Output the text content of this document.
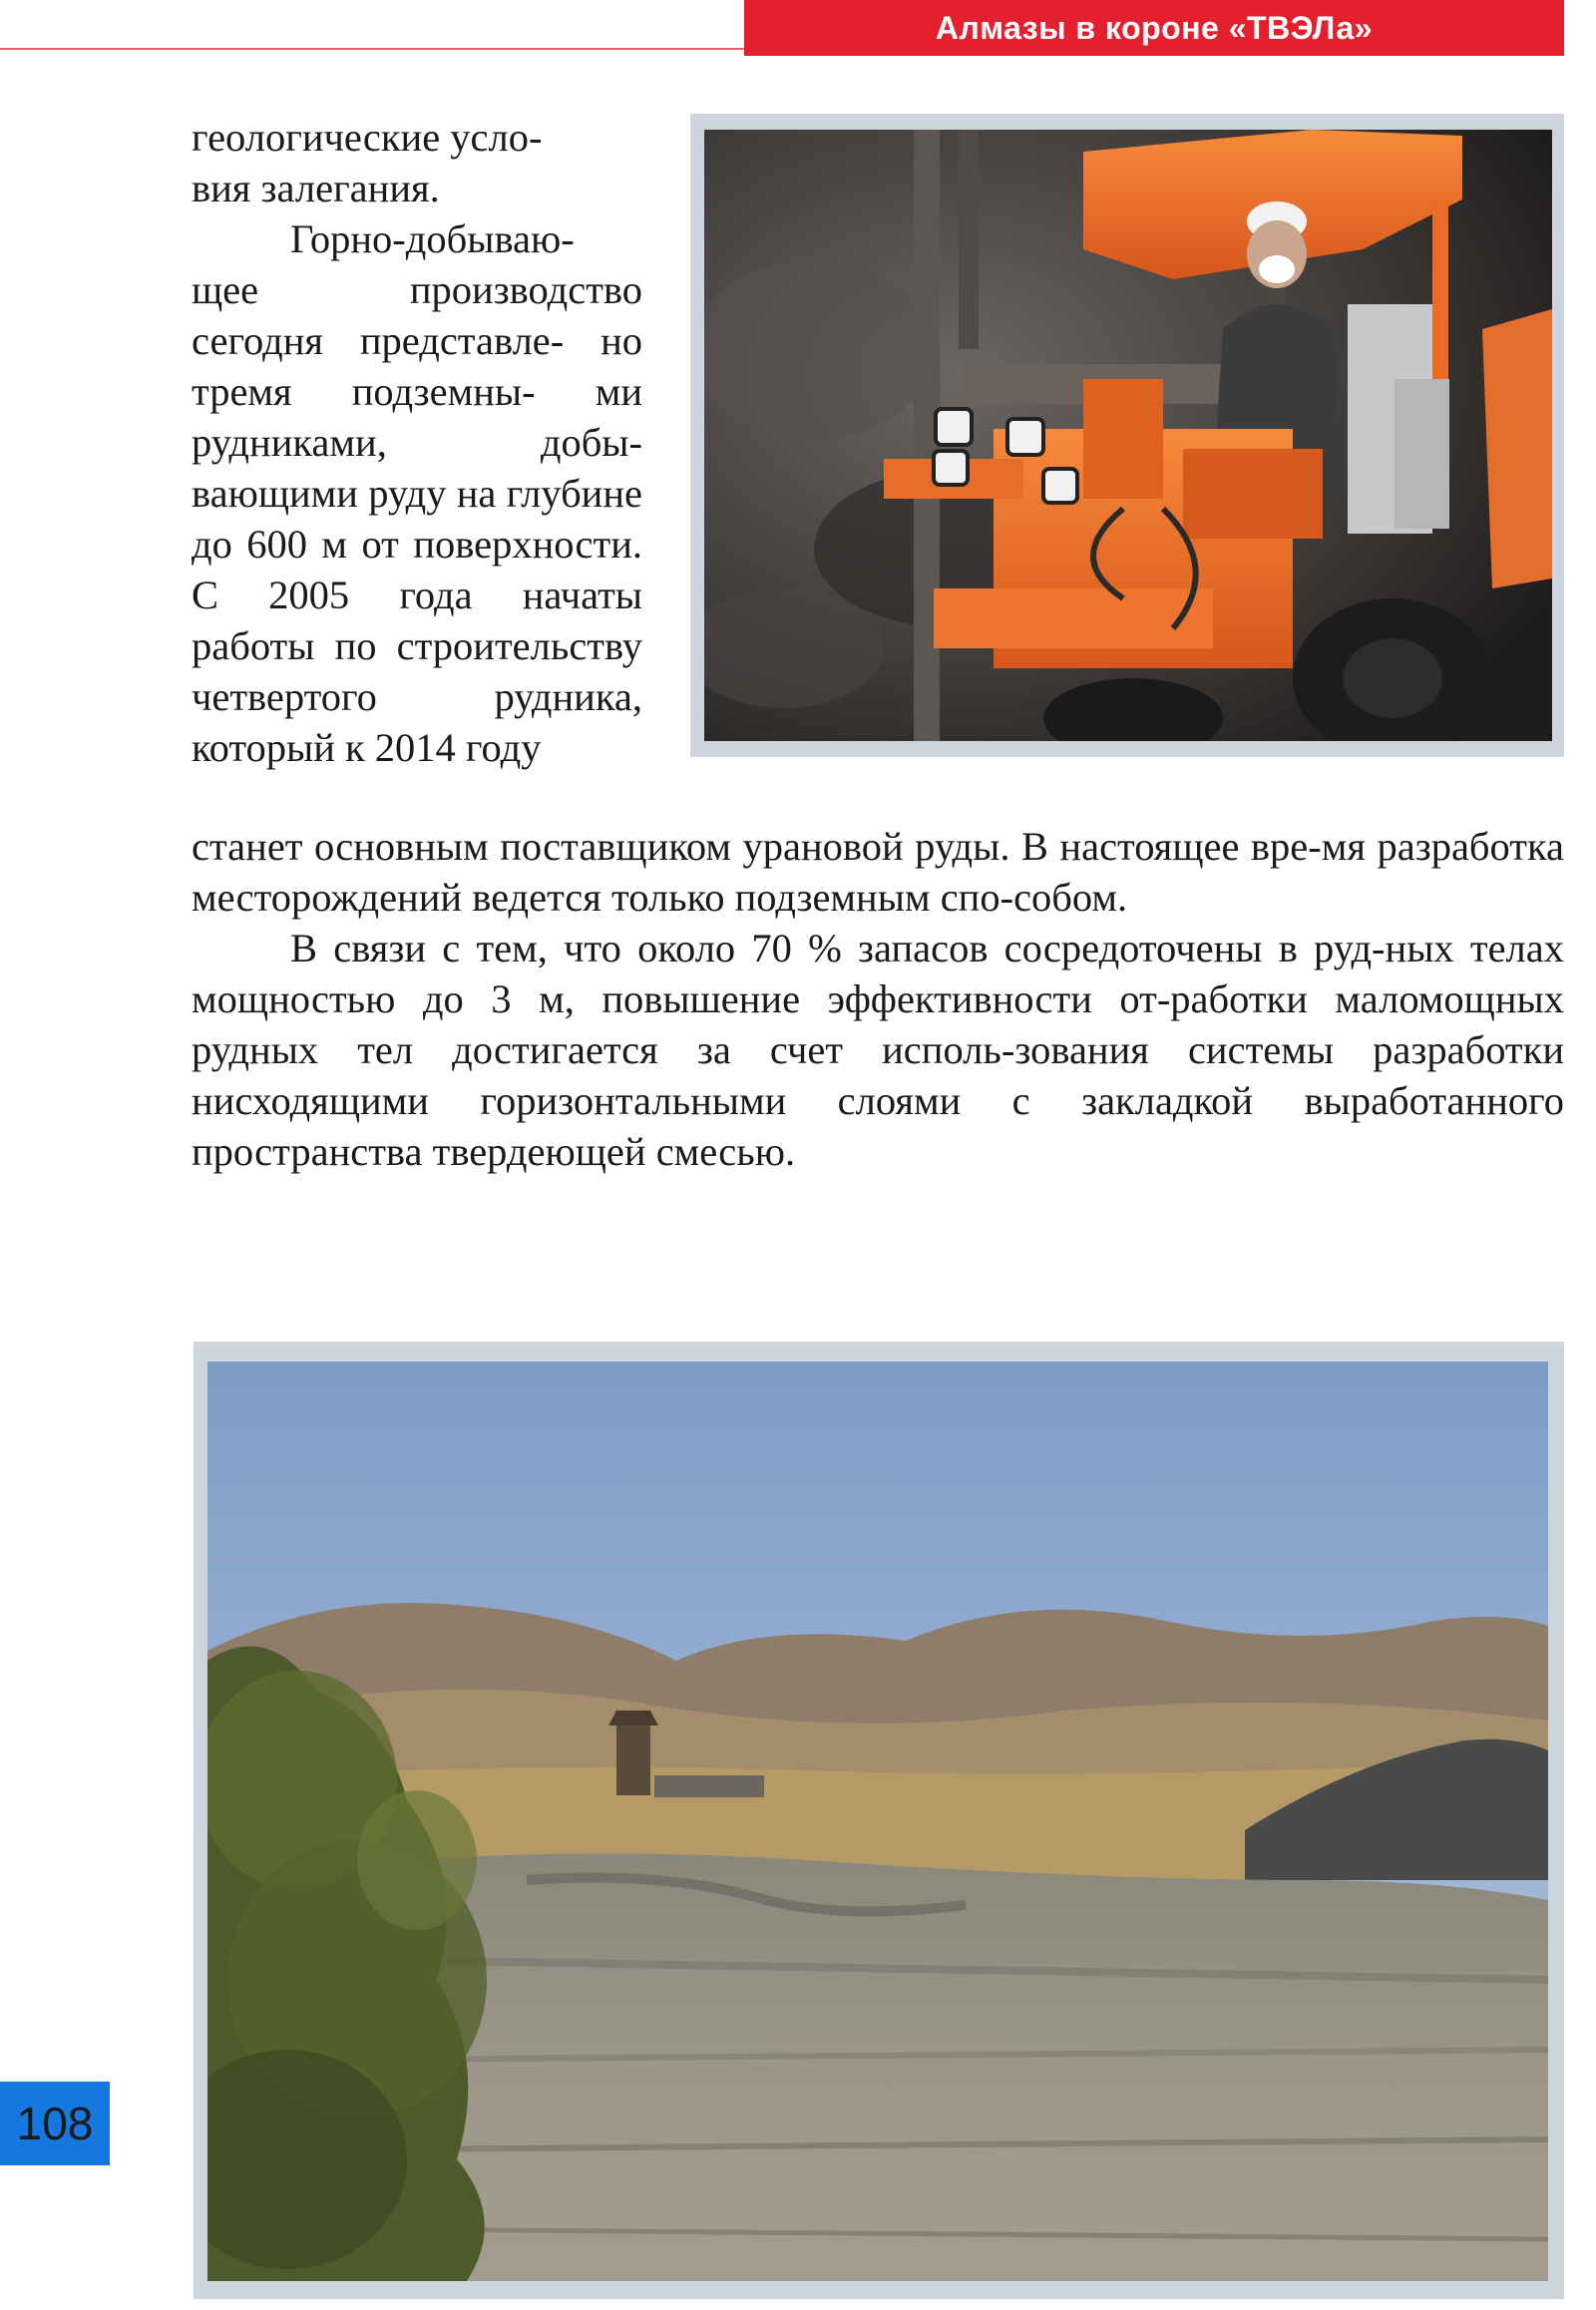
Алмазы в короне «ТВЭЛа»

геологические усло-
вия залегания.

Горно-добываю- щее производство сегодня представле- но тремя подземны- ми рудниками, добы- вающими руду на глубине до 600 м от поверхности. С 2005 года начаты работы по строительству четвертого рудника, который к 2014 году

станет основным поставщиком урановой руды. В настоящее вре-мя разработка месторождений ведется только подземным спо-собом.

В связи с тем, что около 70 % запасов сосредоточены в руд-ных телах мощностью до 3 м, повышение эффективности от-работки маломощных рудных тел достигается за счет исполь-зования системы разработки нисходящими горизонтальными слоями с закладкой выработанного пространства твердеющей смесью.

108
